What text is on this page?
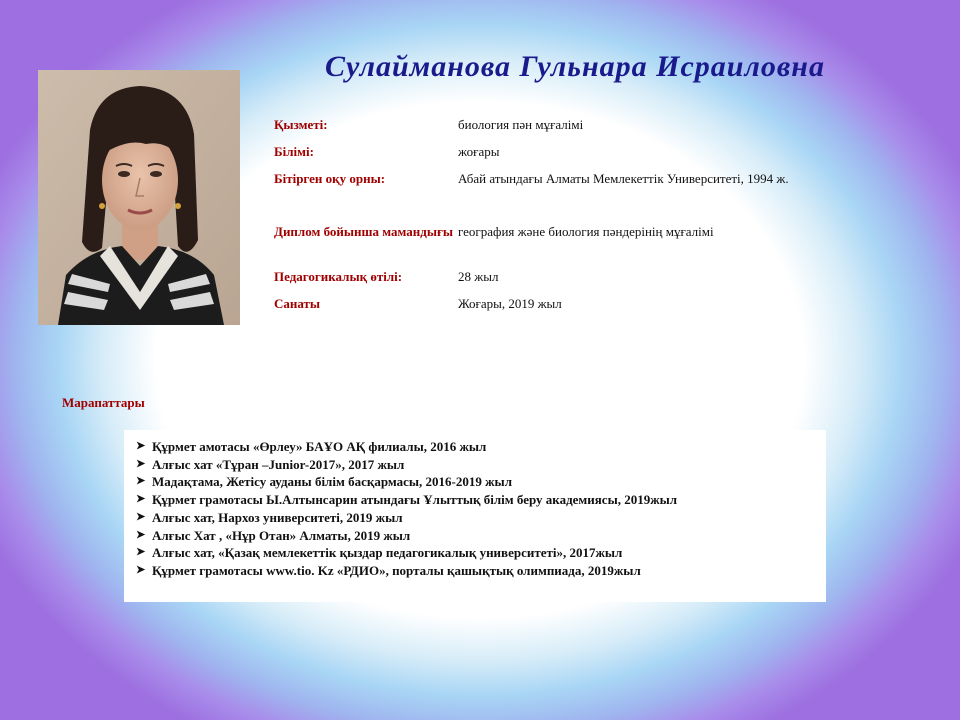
Сулайманова Гульнара Исраиловна
Қызметі:	биология пән мұғалімі
Білімі:	жоғары
Бітірген оқу орны:	Абай атындағы Алматы Мемлекеттік Университеті, 1994 ж.
Диплом бойынша мамандығы	география және биология пәндерінің мұғалімі
Педагогикалық өтілі:	28 жыл
Санаты	Жоғары, 2019 жыл
Марапаттары
➤ Құрмет амотасы «Өрлеу» БАҰО АҚ филиалы, 2016 жыл
➤ Алғыс хат «Тұран –Junior-2017», 2017 жыл
➤ Мадақтама, Жетісу ауданы білім басқармасы, 2016-2019 жыл
➤ Құрмет грамотасы Ы.Алтынсарин атындағы Ұлыттық білім беру академиясы, 2019жыл
➤ Алғыс хат, Нархоз университеті, 2019 жыл
➤ Алғыс Хат , «Нұр Отан» Алматы, 2019 жыл
➤ Алғыс хат, «Қазақ мемлекеттік қыздар педагогикалық университеті», 2017жыл
➤ Құрмет грамотасы www.tio. Kz «РДИО», порталы қашықтық олимпиада, 2019жыл
